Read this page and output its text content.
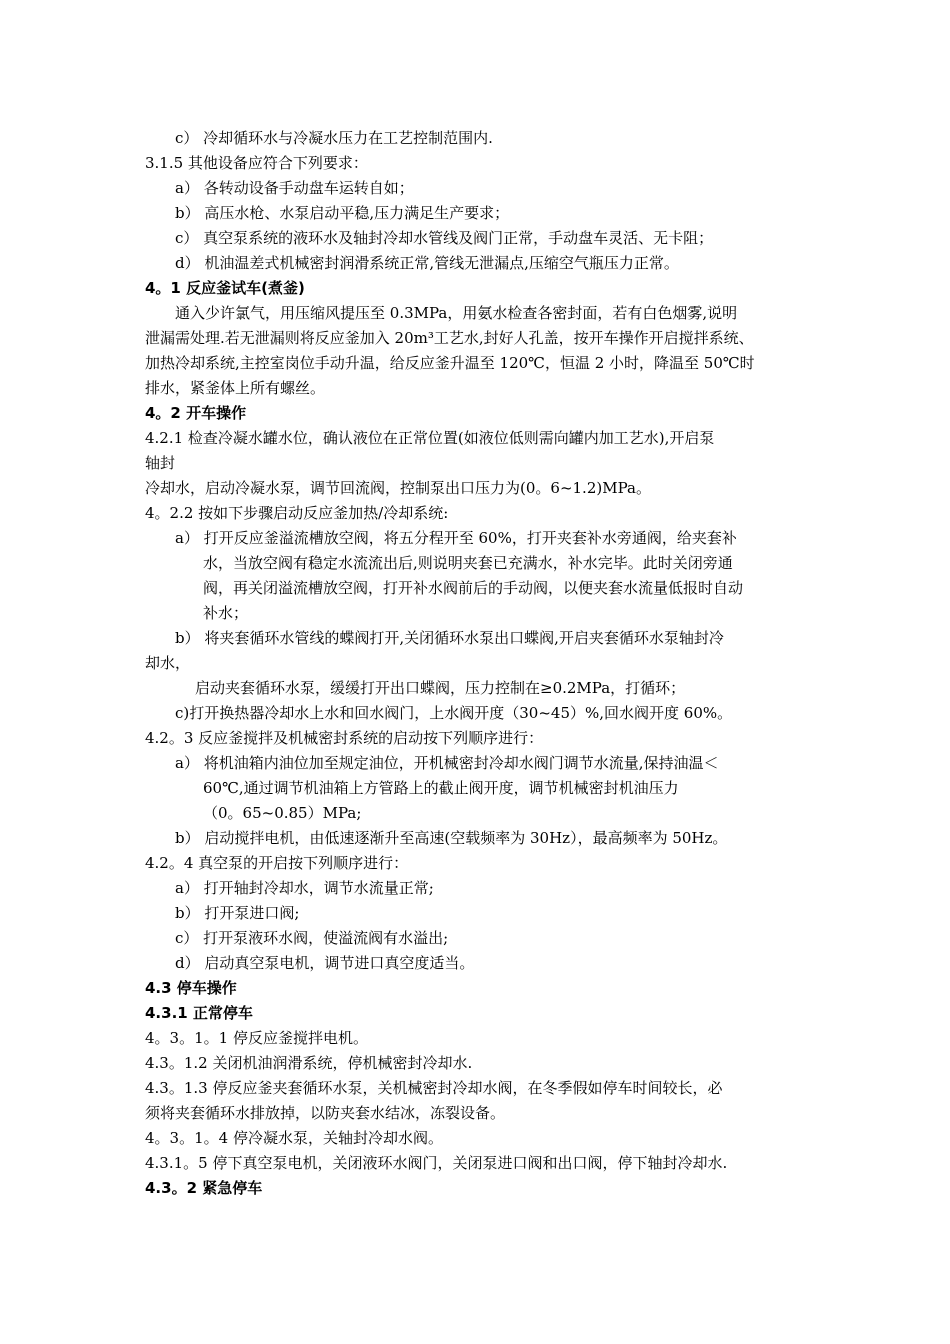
c） 冷却循环水与冷凝水压力在工艺控制范围内.
3.1.5 其他设备应符合下列要求：
a） 各转动设备手动盘车运转自如；
b） 高压水枪、水泵启动平稳,压力满足生产要求；
c） 真空泵系统的液环水及轴封冷却水管线及阀门正常，手动盘车灵活、无卡阻；
d） 机油温差式机械密封润滑系统正常,管线无泄漏点,压缩空气瓶压力正常。
4。1 反应釜试车(煮釜)
通入少许氯气，用压缩风提压至 0.3MPa，用氨水检查各密封面，若有白色烟雾,说明
泄漏需处理.若无泄漏则将反应釜加入 20m³工艺水,封好人孔盖，按开车操作开启搅拌系统、
加热冷却系统,主控室岗位手动升温，给反应釜升温至 120℃，恒温 2 小时，降温至 50℃时
排水，紧釜体上所有螺丝。
4。2 开车操作
4.2.1 检查冷凝水罐水位，确认液位在正常位置(如液位低则需向罐内加工艺水),开启泵
轴封
冷却水，启动冷凝水泵，调节回流阀，控制泵出口压力为(0。6~1.2)MPa。
4。2.2 按如下步骤启动反应釜加热/冷却系统:
a） 打开反应釜溢流槽放空阀，将五分程开至 60%，打开夹套补水旁通阀，给夹套补
水，当放空阀有稳定水流流出后,则说明夹套已充满水，补水完毕。此时关闭旁通
阀，再关闭溢流槽放空阀，打开补水阀前后的手动阀，以便夹套水流量低报时自动
补水；
b） 将夹套循环水管线的蝶阀打开,关闭循环水泵出口蝶阀,开启夹套循环水泵轴封冷
却水，
启动夹套循环水泵，缓缓打开出口蝶阀，压力控制在≥0.2MPa，打循环；
c)打开换热器冷却水上水和回水阀门，上水阀开度（30~45）%,回水阀开度 60%。
4.2。3 反应釜搅拌及机械密封系统的启动按下列顺序进行：
a） 将机油箱内油位加至规定油位，开机械密封冷却水阀门调节水流量,保持油温＜
60℃,通过调节机油箱上方管路上的截止阀开度，调节机械密封机油压力
（0。65~0.85）MPa;
b） 启动搅拌电机，由低速逐渐升至高速(空载频率为 30Hz），最高频率为 50Hz。
4.2。4 真空泵的开启按下列顺序进行：
a） 打开轴封冷却水，调节水流量正常;
b） 打开泵进口阀;
c） 打开泵液环水阀，使溢流阀有水溢出;
d） 启动真空泵电机，调节进口真空度适当。
4.3 停车操作
4.3.1 正常停车
4。3。1。1 停反应釜搅拌电机。
4.3。1.2 关闭机油润滑系统，停机械密封冷却水.
4.3。1.3 停反应釜夹套循环水泵，关机械密封冷却水阀，在冬季假如停车时间较长，必
须将夹套循环水排放掉，以防夹套水结冰，冻裂设备。
4。3。1。4 停冷凝水泵，关轴封冷却水阀。
4.3.1。5 停下真空泵电机，关闭液环水阀门，关闭泵进口阀和出口阀，停下轴封冷却水.
4.3。2 紧急停车
